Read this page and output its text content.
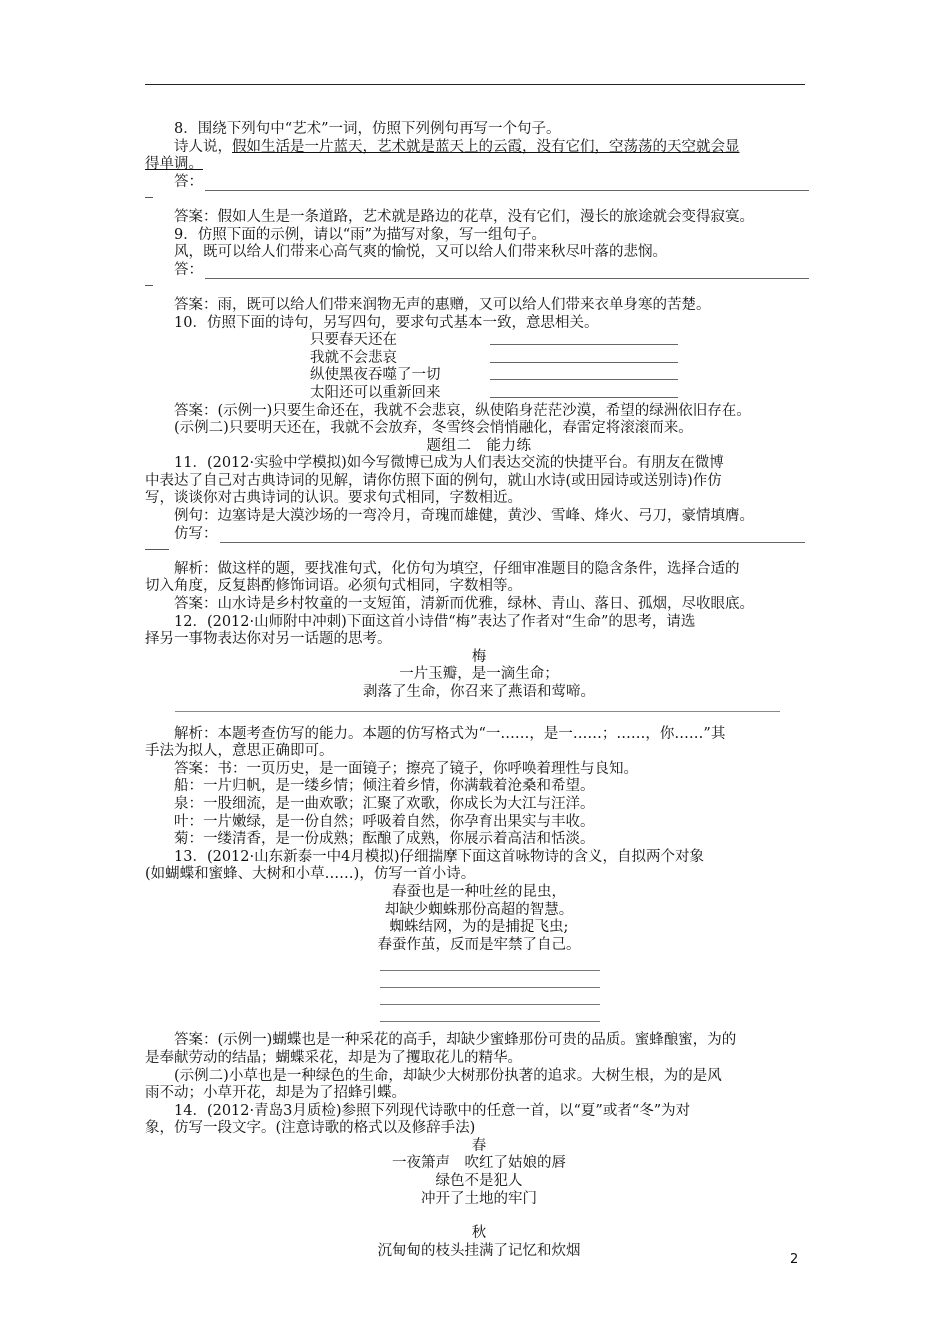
8．围绕下列句中“艺术”一词，仿照下列例句再写一个句子。

诗人说，假如生活是一片蓝天，艺术就是蓝天上的云霞，没有它们，空荡荡的天空就会显

得单调。

答：

答案：假如人生是一条道路，艺术就是路边的花草，没有它们，漫长的旅途就会变得寂寞。

9．仿照下面的示例，请以“雨”为描写对象，写一组句子。

风，既可以给人们带来心高气爽的愉悦，又可以给人们带来秋尽叶落的悲悯。

答：

答案：雨，既可以给人们带来润物无声的惠赠，又可以给人们带来衣单身寒的苦楚。

10．仿照下面的诗句，另写四句，要求句式基本一致，意思相关。

只要春天还在
我就不会悲哀
纵使黑夜吞噬了一切
太阳还可以重新回来

答案：(示例一)只要生命还在，我就不会悲哀，纵使陷身茫茫沙漠，希望的绿洲依旧存在。

(示例二)只要明天还在，我就不会放弃，冬雪终会悄悄融化，春雷定将滚滚而来。

题组二　能力练

11．(2012·实验中学模拟)如今写微博已成为人们表达交流的快捷平台。有朋友在微博

中表达了自己对古典诗词的见解，请你仿照下面的例句，就山水诗(或田园诗或送别诗)作仿

写，谈谈你对古典诗词的认识。要求句式相同，字数相近。

例句：边塞诗是大漠沙场的一弯冷月，奇瑰而雄健，黄沙、雪峰、烽火、弓刀，豪情填膺。

仿写：

解析：做这样的题，要找准句式，化仿句为填空，仔细审准题目的隐含条件，选择合适的

切入角度，反复斟酌修饰词语。必须句式相同，字数相等。

答案：山水诗是乡村牧童的一支短笛，清新而优雅，绿林、青山、落日、孤烟，尽收眼底。

12．(2012·山师附中冲刺)下面这首小诗借“梅”表达了作者对“生命”的思考，请选

择另一事物表达你对另一话题的思考。

梅

一片玉瓣，是一滴生命；

剥落了生命，你召来了燕语和莺啼。

解析：本题考查仿写的能力。本题的仿写格式为“一……，是一……；……，你……”其

手法为拟人，意思正确即可。

答案：书：一页历史，是一面镜子；擦亮了镜子，你呼唤着理性与良知。

船：一片归帆，是一缕乡情；倾注着乡情，你满载着沧桑和希望。

泉：一股细流，是一曲欢歌；汇聚了欢歌，你成长为大江与汪洋。

叶：一片嫩绿，是一份自然；呼吸着自然，你孕育出果实与丰收。

菊：一缕清香，是一份成熟；酝酿了成熟，你展示着高洁和恬淡。

13．(2012·山东新泰一中4月模拟)仔细揣摩下面这首咏物诗的含义，自拟两个对象

(如蝴蝶和蜜蜂、大树和小草……)，仿写一首小诗。

春蚕也是一种吐丝的昆虫，

却缺少蜘蛛那份高超的智慧。

蜘蛛结网，为的是捕捉飞虫;

春蚕作茧，反而是牢禁了自己。

答案：(示例一)蝴蝶也是一种采花的高手，却缺少蜜蜂那份可贵的品质。蜜蜂酿蜜，为的

是奉献劳动的结晶；蝴蝶采花，却是为了攫取花儿的精华。

(示例二)小草也是一种绿色的生命，却缺少大树那份执著的追求。大树生根，为的是风

雨不动；小草开花，却是为了招蜂引蝶。

14．(2012·青岛3月质检)参照下列现代诗歌中的任意一首，以“夏”或者“冬”为对

象，仿写一段文字。(注意诗歌的格式以及修辞手法)

春

一夜箫声　吹红了姑娘的唇

绿色不是犯人

冲开了土地的牢门

秋

沉甸甸的枝头挂满了记忆和炊烟

2
